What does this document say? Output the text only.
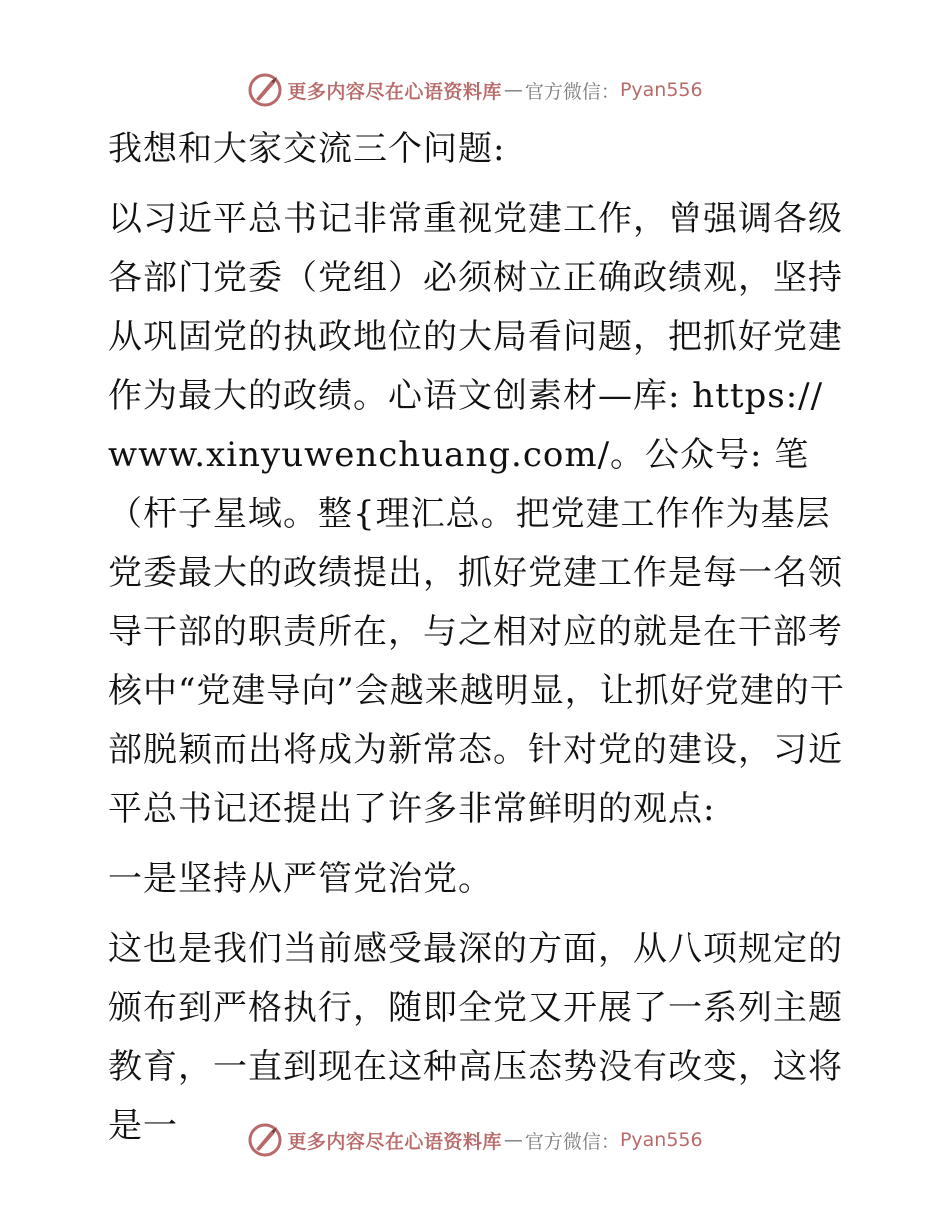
更多内容尽在心语资料库 — 官方微信： Pyan556

我想和大家交流三个问题:

以习近平总书记非常重视党建工作，曾强调各级各部门党委（党组）必须树立正确政绩观，坚持从巩固党的执政地位的大局看问题，把抓好党建作为最大的政绩。心语文创素材—库: https:// www.xinyuwenchuang.com/。公众号: 笔（杆子星域。整{理汇总。把党建工作作为基层党委最大的政绩提出，抓好党建工作是每一名领导干部的职责所在，与之相对应的就是在干部考核中“党建导向”会越来越明显，让抓好党建的干部脱颖而出将成为新常态。针对党的建设，习近平总书记还提出了许多非常鲜明的观点:

一是坚持从严管党治党。

这也是我们当前感受最深的方面，从八项规定的颁布到严格执行，随即全党又开展了一系列主题教育，一直到现在这种高压态势没有改变，这将是一	更多内容尽在心语资料库 — 官方微信： Pyan556
